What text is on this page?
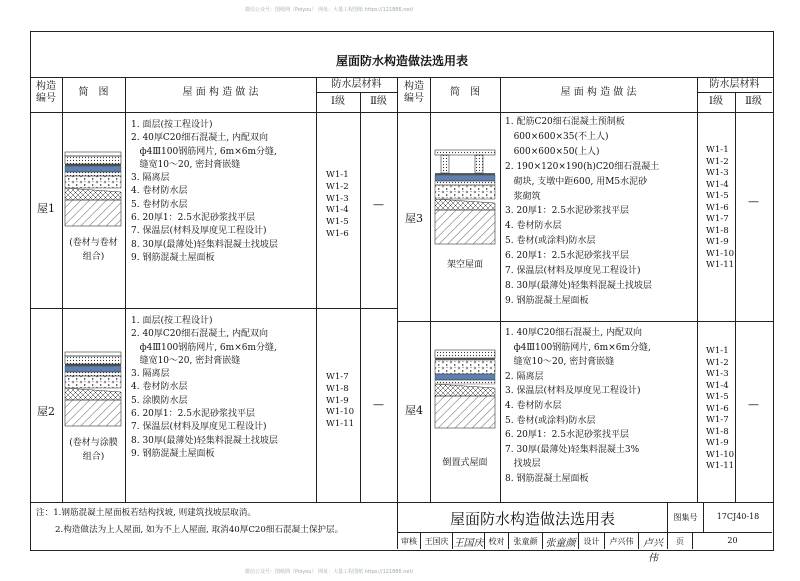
微信公众号：图纸网（Poiyou） 网址：大量工程图纸 https://121886.net/
微信公众号：图纸网（Poiyou） 网址：大量工程图纸 https://121886.net/
屋面防水构造做法选用表
构造
编号
简　图	屋 面 构 造 做 法
防水层材料
Ⅰ级	Ⅱ级
构造
编号
简　图	屋 面 构 造 做 法
防水层材料
Ⅰ级	Ⅱ级
屋1
(卷材与卷材
组合)
1. 面层(按工程设计)
2. 40厚C20细石混凝土, 内配双向
ф4Ⅲ100钢筋网片, 6m×6m分缝,
缝宽10～20, 密封膏嵌缝
3. 隔离层
4. 卷材防水层
5. 卷材防水层
6. 20厚1：2.5水泥砂浆找平层
7. 保温层(材料及厚度见工程设计)
8. 30厚(最薄处)轻集料混凝土找坡层
9. 钢筋混凝土屋面板
W1-1
W1-2
W1-3
W1-4
W1-5
W1-6
—
屋2
(卷材与涂膜
组合)
1. 面层(按工程设计)
2. 40厚C20细石混凝土, 内配双向
ф4Ⅲ100钢筋网片, 6m×6m分缝,
缝宽10～20, 密封膏嵌缝
3. 隔离层
4. 卷材防水层
5. 涂膜防水层
6. 20厚1：2.5水泥砂浆找平层
7. 保温层(材料及厚度见工程设计)
8. 30厚(最薄处)轻集料混凝土找坡层
9. 钢筋混凝土屋面板
W1-7
W1-8
W1-9
W1-10
W1-11
—
屋3
架空屋面
1. 配筋C20细石混凝土预制板
600×600×35(不上人)
600×600×50(上人)
2. 190×120×190(h)C20细石混凝土
砌块, 支墩中距600, 用M5水泥砂
浆砌筑
3. 20厚1：2.5水泥砂浆找平层
4. 卷材防水层
5. 卷材(或涂料)防水层
6. 20厚1：2.5水泥砂浆找平层
7. 保温层(材料及厚度见工程设计)
8. 30厚(最薄处)轻集料混凝土找坡层
9. 钢筋混凝土屋面板
W1-1
W1-2
W1-3
W1-4
W1-5
W1-6
W1-7
W1-8
W1-9
W1-10
W1-11
—
屋4
倒置式屋面
1. 40厚C20细石混凝土, 内配双向
ф4Ⅲ100钢筋网片, 6m×6m分缝,
缝宽10～20, 密封膏嵌缝
2. 隔离层
3. 保温层(材料及厚度见工程设计)
4. 卷材防水层
5. 卷材(或涂料)防水层
6. 20厚1：2.5水泥砂浆找平层
7. 30厚(最薄处)轻集料混凝土3%
找坡层
8. 钢筋混凝土屋面板
W1-1
W1-2
W1-3
W1-4
W1-5
W1-6
W1-7
W1-8
W1-9
W1-10
W1-11
—
注：1.钢筋混凝土屋面板若结构找坡, 则建筑找坡层取消。
2.构造做法为上人屋面, 如为不上人屋面, 取消40厚C20细石混凝土保护层。
屋面防水构造做法选用表	图集号	17CJ40-18
审核 王国庆 王国庆 校对	张童颜 张童颜	设计	卢兴伟 卢兴伟
页	20
